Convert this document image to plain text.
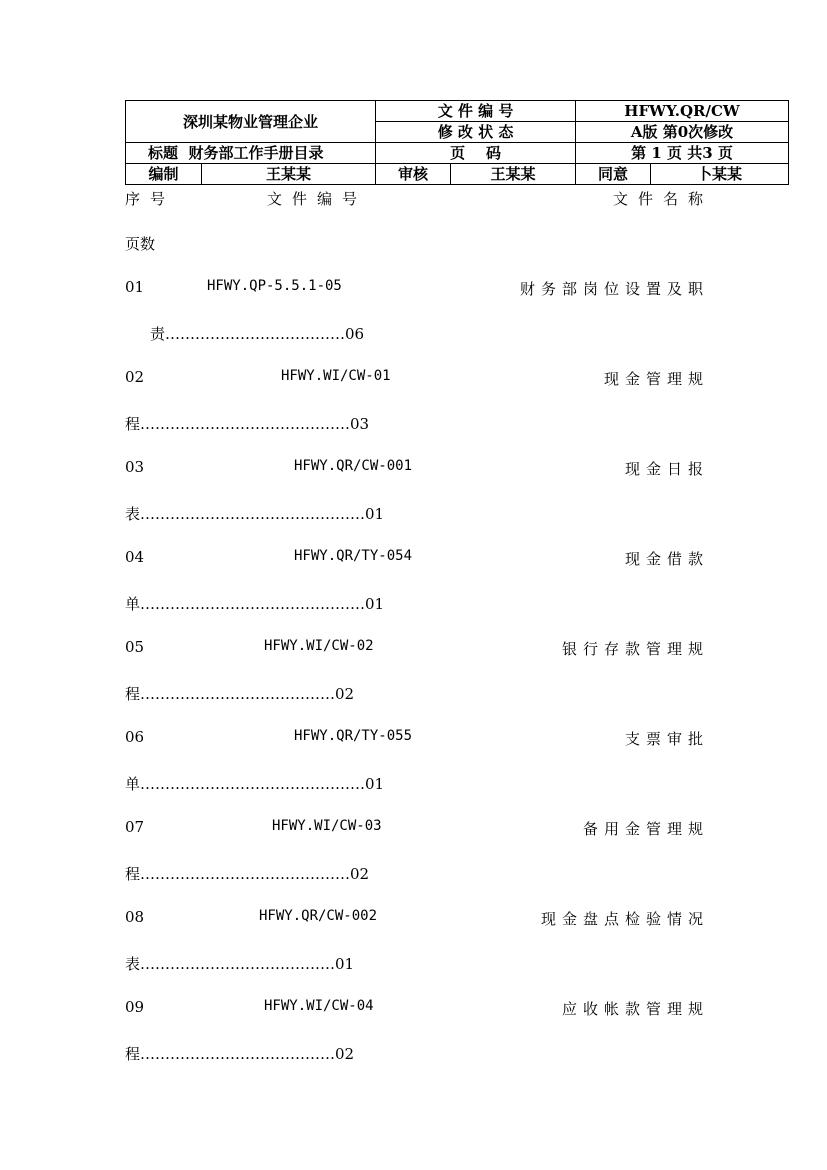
深圳某物业管理企业		文 件 编 号		HFWY.QR/CW	
		修 改 状 态		A版 第0次修改	
标题 财务部工作手册目录		页    码		第 1 页 共3 页	
编制	王某某	审核	王某某	同意	卜某某
序号	文件编号	文件名称
页数
01	HFWY.QP-5.5.1-05	财务部岗位设置及职
责………………………………06
02	HFWY.WI/CW-01	现金管理规
程……………………………………03
03	HFWY.QR/CW-001	现金日报
表………………………………………01
04	HFWY.QR/TY-054	现金借款
单………………………………………01
05	HFWY.WI/CW-02	银行存款管理规
程…………………………………02
06	HFWY.QR/TY-055	支票审批
单………………………………………01
07	HFWY.WI/CW-03	备用金管理规
程……………………………………02
08	HFWY.QR/CW-002	现金盘点检验情况
表…………………………………01
09	HFWY.WI/CW-04	应收帐款管理规
程…………………………………02
